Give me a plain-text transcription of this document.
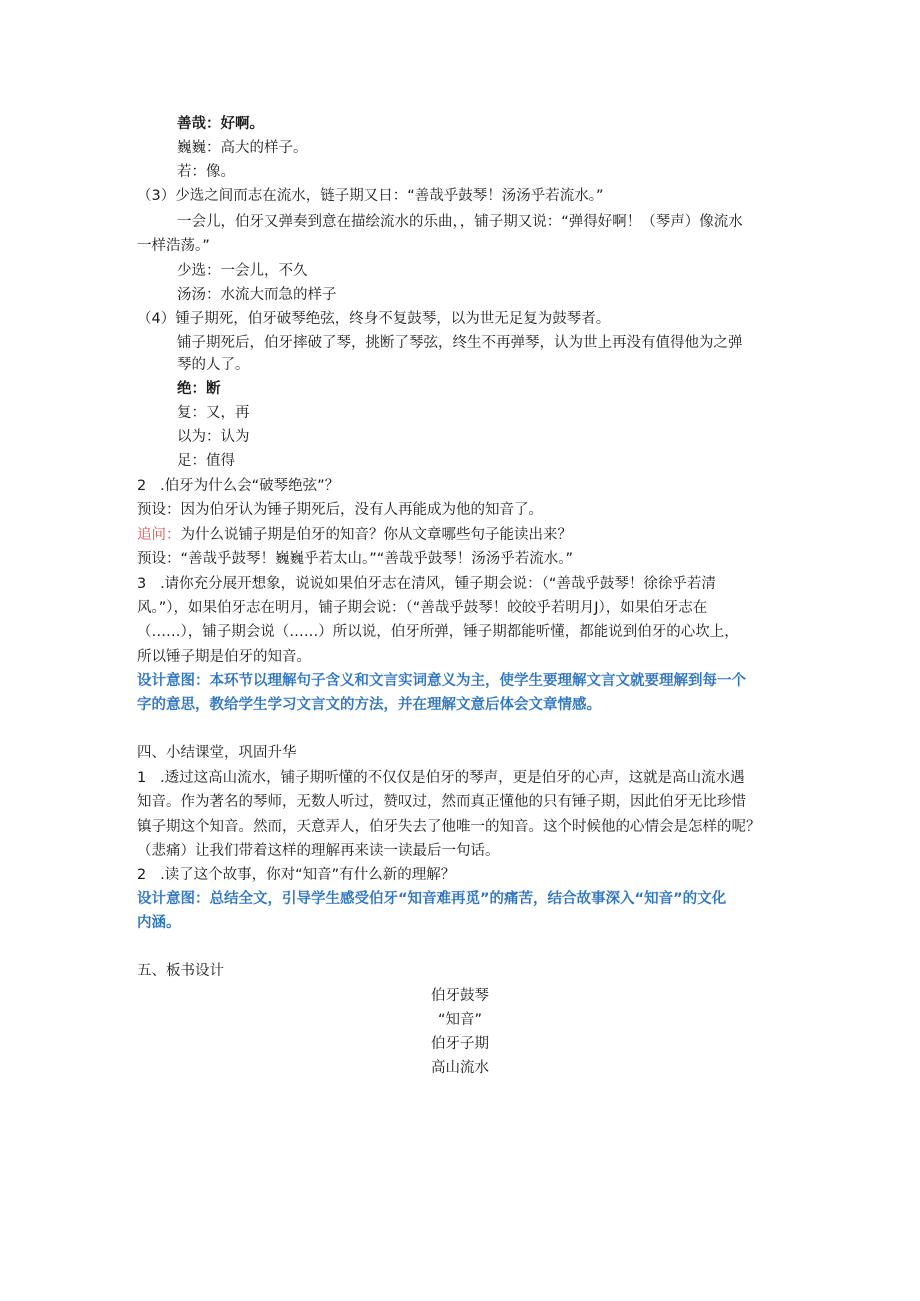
善哉：好啊。
巍巍：高大的样子。
若：像。
（3）少选之间而志在流水，链子期又日：“善哉乎鼓琴！汤汤乎若流水。”
一会儿，伯牙又弹奏到意在描绘流水的乐曲，，铺子期又说：“弹得好啊！（琴声）像流水
一样浩荡。”
少选：一会儿，不久
汤汤：水流大而急的样子
（4）锺子期死，伯牙破琴绝弦，终身不复鼓琴，以为世无足复为鼓琴者。
铺子期死后，伯牙摔破了琴，挑断了琴弦，终生不再弹琴，认为世上再没有值得他为之弹
琴的人了。
绝：断
复：又，再
以为：认为
足：值得
2 .伯牙为什么会“破琴绝弦”？
预设：因为伯牙认为锤子期死后，没有人再能成为他的知音了。
追问：为什么说铺子期是伯牙的知音？你从文章哪些句子能读出来？
预设：“善哉乎鼓琴！巍巍乎若太山。”“善哉乎鼓琴！汤汤乎若流水。”
3 .请你充分展开想象，说说如果伯牙志在清风，锺子期会说：（“善哉乎鼓琴！徐徐乎若清
风。”），如果伯牙志在明月，铺子期会说：（“善哉乎鼓琴！皎皎乎若明月J），如果伯牙志在
（……），铺子期会说（……）所以说，伯牙所弹，锤子期都能听懂，都能说到伯牙的心坎上，
所以锤子期是伯牙的知音。
设计意图：本环节以理解句子含义和文言实词意义为主，使学生要理解文言文就要理解到每一个
字的意思，教给学生学习文言文的方法，并在理解文意后体会文章情感。
四、小结课堂，巩固升华
1 .透过这高山流水，铺子期听懂的不仅仅是伯牙的琴声，更是伯牙的心声，这就是高山流水遇
知音。作为著名的琴师，无数人听过，赞叹过，然而真正懂他的只有锤子期，因此伯牙无比珍惜
镇子期这个知音。然而，天意弄人，伯牙失去了他唯一的知音。这个时候他的心情会是怎样的呢？
（悲痛）让我们带着这样的理解再来读一读最后一句话。
2 .读了这个故事，你对“知音”有什么新的理解？
设计意图：总结全文，引导学生感受伯牙“知音难再觅”的痛苦，结合故事深入“知音”的文化
内涵。
五、板书设计
伯牙鼓琴
“知音”
伯牙子期
高山流水
